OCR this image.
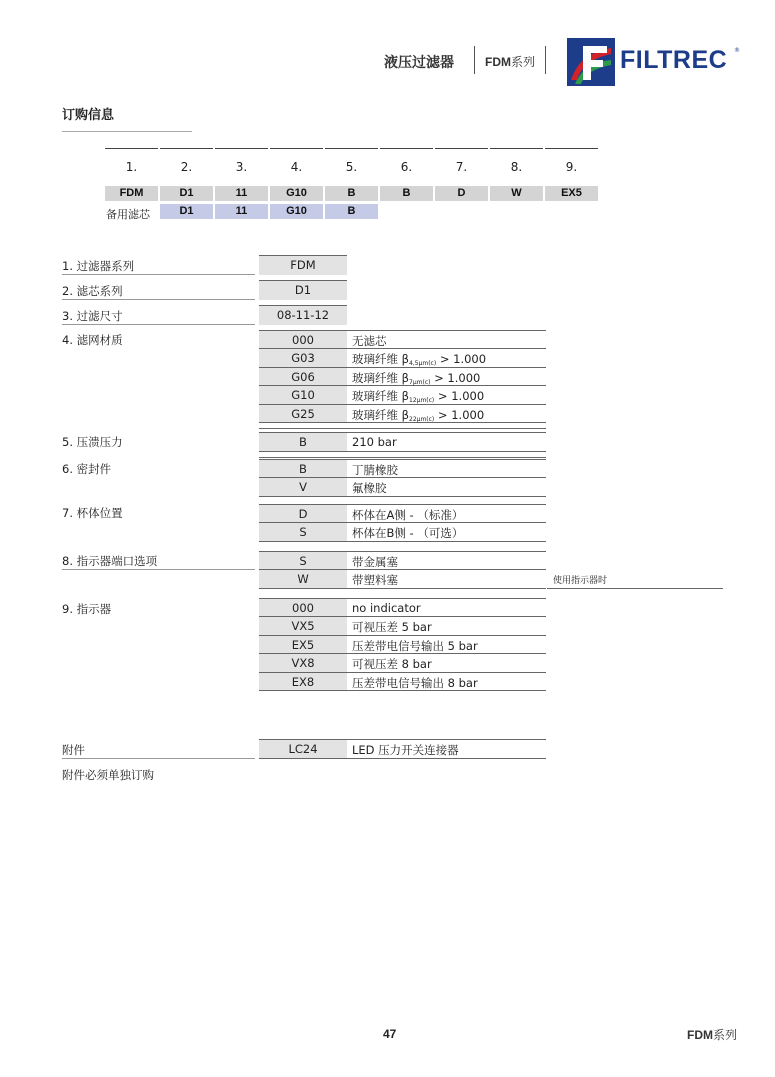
液压过滤器	FDM系列	FILTREC ®
订购信息
1.	2.	3.	4.	5.	6.	7.	8.	9.
FDM	D1	11	G10	B	B	D	W	EX5
备用滤芯	D1	11	G10	B
1. 过滤器系列	FDM
2. 滤芯系列	D1
3. 过滤尺寸	08-11-12
4. 滤网材质	000	无滤芯
G03	玻璃纤维 $\beta_{4,5\mu m(c)} > 1.000$
G06	玻璃纤维 $\beta_{7\mu m(c)} > 1.000$
G10	玻璃纤维 $\beta_{12\mu m(c)} > 1.000$
G25	玻璃纤维 $\beta_{22\mu m(c)} > 1.000$
5. 压溃压力	B	210 bar
6. 密封件	B	丁腈橡胶
V	氟橡胶
7. 杯体位置	D	杯体在A侧 - （标准）
S	杯体在B侧 - （可选）
8. 指示器端口选项	S	带金属塞
W	带塑料塞	使用指示器时
9. 指示器	000	no indicator
VX5	可视压差 5 bar
EX5	压差带电信号输出 5 bar
VX8	可视压差 8 bar
EX8	压差带电信号输出 8 bar
附件	LC24	LED 压力开关连接器
附件必须单独订购
47	FDM系列
